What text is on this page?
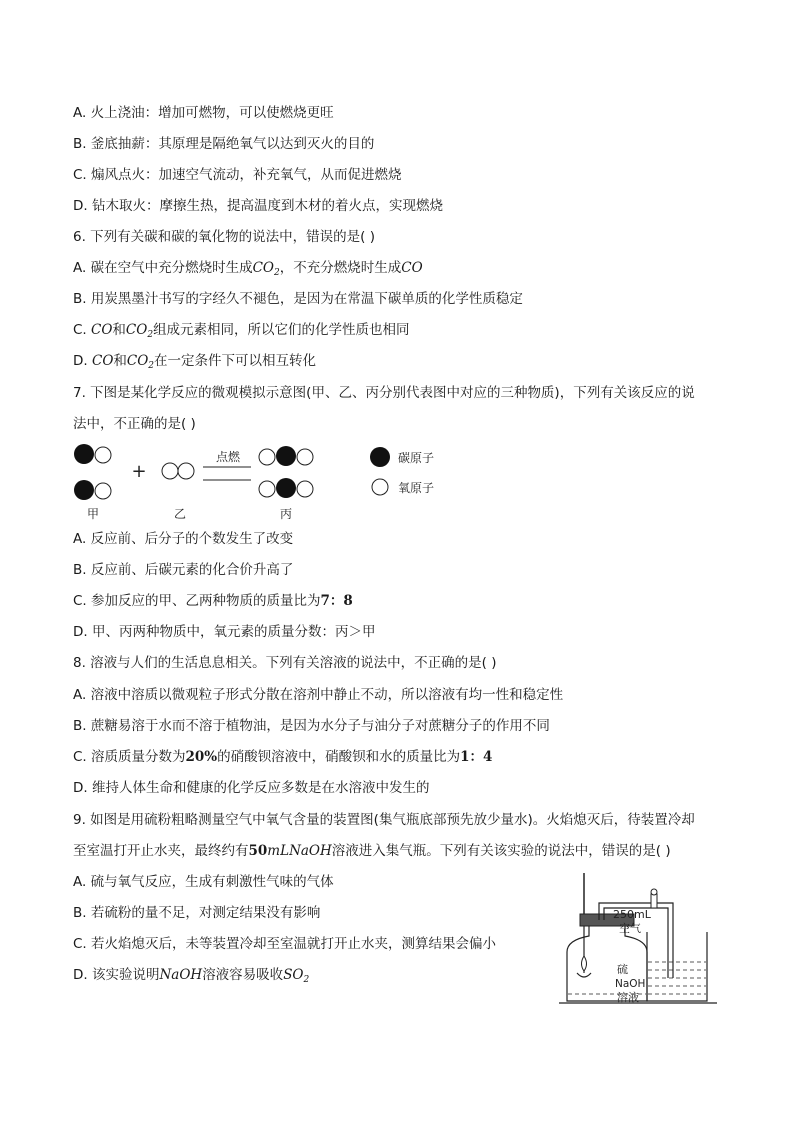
A. 火上浇油：增加可燃物，可以使燃烧更旺
B. 釜底抽薪：其原理是隔绝氧气以达到灭火的目的
C. 煽风点火：加速空气流动，补充氧气，从而促进燃烧
D. 钻木取火：摩擦生热，提高温度到木材的着火点，实现燃烧
6. 下列有关碳和碳的氧化物的说法中，错误的是( )
A. 碳在空气中充分燃烧时生成$CO_2$，不充分燃烧时生成CO
B. 用炭黑墨汁书写的字经久不褪色，是因为在常温下碳单质的化学性质稳定
C. CO和$CO_2$组成元素相同，所以它们的化学性质也相同
D. CO和$CO_2$在一定条件下可以相互转化
7. 下图是某化学反应的微观模拟示意图(甲、乙、丙分别代表图中对应的三种物质)，下列有关该反应的说
法中，不正确的是( )
甲
+
乙
点燃
丙
碳原子
氧原子
A. 反应前、后分子的个数发生了改变
B. 反应前、后碳元素的化合价升高了
C. 参加反应的甲、乙两种物质的质量比为7：8
D. 甲、丙两种物质中，氧元素的质量分数：丙＞甲
8. 溶液与人们的生活息息相关。下列有关溶液的说法中，不正确的是( )
A. 溶液中溶质以微观粒子形式分散在溶剂中静止不动，所以溶液有均一性和稳定性
B. 蔗糖易溶于水而不溶于植物油，是因为水分子与油分子对蔗糖分子的作用不同
C. 溶质质量分数为20%的硝酸钡溶液中，硝酸钡和水的质量比为1：4
D. 维持人体生命和健康的化学反应多数是在水溶液中发生的
9. 如图是用硫粉粗略测量空气中氧气含量的装置图(集气瓶底部预先放少量水)。火焰熄灭后，待装置冷却
至室温打开止水夹，最终约有50mLNaOH溶液进入集气瓶。下列有关该实验的说法中，错误的是( )
A. 硫与氧气反应，生成有刺激性气味的气体
B. 若硫粉的量不足，对测定结果没有影响
C. 若火焰熄灭后，未等装置冷却至室温就打开止水夹，测算结果会偏小
D. 该实验说明NaOH溶液容易吸收$SO_2$
250mL
空气
硫
NaOH
溶液
